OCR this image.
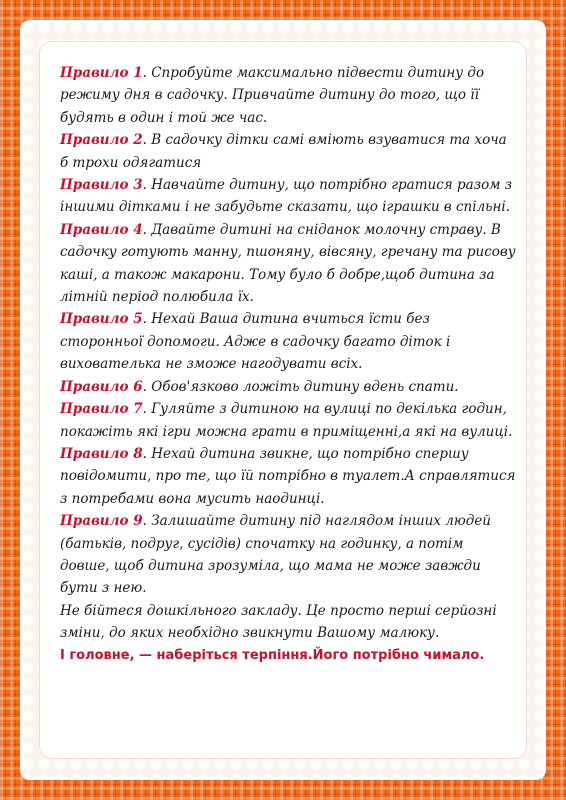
Правило 1. Спробуйте максимально підвести дитину до режиму дня в садочку. Привчайте дитину до того, що її будять в один і той же час.

Правило 2. В садочку дітки самі вміють взуватися та хоча б трохи одягатися

Правило 3. Навчайте дитину, що потрібно гратися разом з іншими дітками і не забудьте сказати, що іграшки в спільні.

Правило 4. Давайте дитині на сніданок молочну страву. В садочку готують манну, пшоняну, вівсяну, гречану та рисову каші, а також макарони. Тому було б добре,щоб дитина за літній період полюбила їх.

Правило 5. Нехай Ваша дитина вчиться їсти без сторонньої допомоги. Адже в садочку багато діток і вихователька не зможе нагодувати всіх.

Правило 6. Обов'язково ложіть дитину вдень спати.

Правило 7. Гуляйте з дитиною на вулиці по декілька годин, покажіть які ігри можна грати в приміщенні,а які на вулиці.

Правило 8. Нехай дитина звикне, що потрібно спершу повідомити, про те, що їй потрібно в туалет.А справлятися з потребами вона мусить наодинці.

Правило 9. Залишайте дитину під наглядом інших людей (батьків, подруг, сусідів) спочатку на годинку, а потім довше, щоб дитина зрозуміла, що мама не може завжди бути з нею.

Не бійтеся дошкільного закладу. Це просто перші серйозні зміни, до яких необхідно звикнути Вашому малюку.

І головне, — наберіться терпіння.Його потрібно чимало.
